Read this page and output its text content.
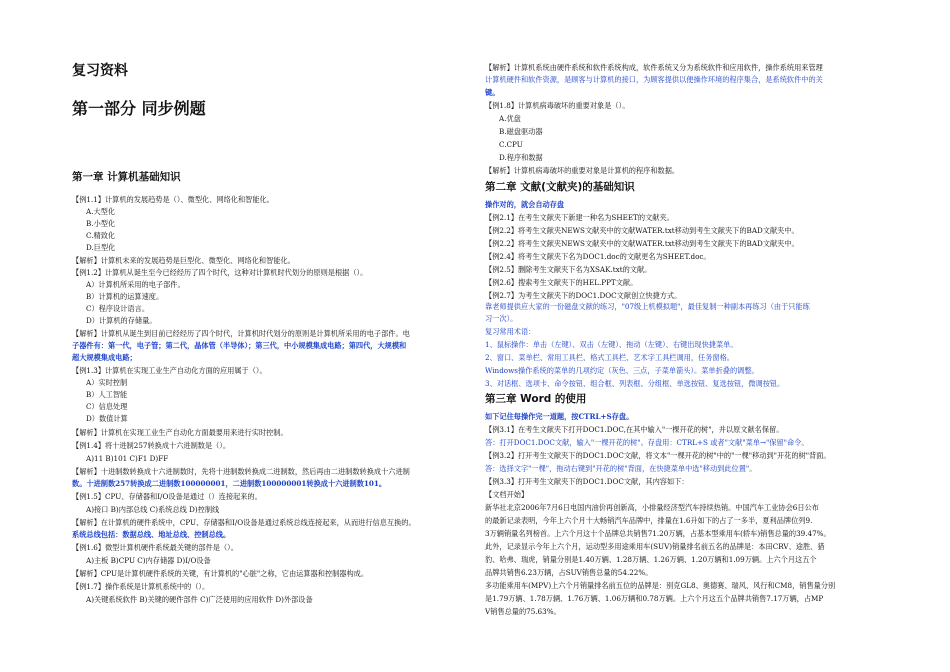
复习资料
第一部分 同步例题
第一章 计算机基础知识
【例1.1】计算机的发展趋势是（）、微型化、网络化和智能化。
A.大型化
B.小型化
C.精致化
D.巨型化
【解析】计算机未来的发展趋势是巨型化、微型化、网络化和智能化。
【例1.2】计算机从诞生至今已经经历了四个时代，这种对计算机时代划分的原则是根据（）。
A）计算机所采用的电子部件。
B）计算机的运算速度。
C）程序设计语言。
D）计算机的存储量。
【解析】计算机从诞生到目前已经经历了四个时代，计算机时代划分的原则是计算机所采用的电子部件。电
子器件有：第一代，电子管；第二代，晶体管（半导体）；第三代，中小规模集成电路；第四代，大规模和
超大规模集成电路；
【例1.3】计算机在实现工业生产自动化方面的应用属于（）。
A）实时控制
B）人工智能
C）信息处理
D）数值计算
【解析】计算机在实现工业生产自动化方面最要用来进行实时控制。
【例1.4】将十进制257转换成十六进制数是（）。
A)11 B)101 C)F1 D)FF
【解析】十进制数转换成十六进制数时，先将十进制数转换成二进制数，然后再由二进制数转换成十六进制
数。十进制数257转换成二进制数100000001，二进制数100000001转换成十六进制数101。
【例1.5】CPU、存储器和I/O设备是通过（）连接起来的。
A)接口 B)内部总线 C)系统总线 D)控制线
【解析】在计算机的硬件系统中，CPU、存储器和I/O设备是通过系统总线连接起来，从而进行信息互换的。
系统总线包括：数据总线、地址总线、控制总线。
【例1.6】微型计算机硬件系统最关键的部件是（）。
A)主板 B)CPU C)内存储器 D)I/O设备
【解析】CPU是计算机硬件系统的关键，有计算机的"心脏"之称，它由运算器和控制器构成。
【例1.7】操作系统是计算机系统中的（）。
A)关键系统软件 B)关键的硬件部件 C)广泛使用的应用软件 D)外部设备
【解析】计算机系统由硬件系统和软件系统构成，软件系统又分为系统软件和应用软件，操作系统用来管理
计算机硬件和软件资源，是顾客与计算机的接口，为顾客提供以便操作环境的程序集合，是系统软件中的关
键。
【例1.8】计算机病毒破坏的重要对象是（）。
A.优盘
B.磁盘驱动器
C.CPU
D.程序和数据
【解析】计算机病毒破坏的重要对象是计算机的程序和数据。
第二章 文献(文献夹)的基础知识
操作对的，就会自动存盘
【例2.1】在考生文献夹下新建一种名为SHEET的文献夹。
【例2.2】将考生文献夹NEWS文献夹中的文献WATER.txt移动到考生文献夹下的BAD文献夹中。
【例2.2】将考生文献夹NEWS文献夹中的文献WATER.txt移动到考生文献夹下的BAD文献夹中。
【例2.4】将考生文献夹下名为DOC1.doc的文献更名为SHEET.doc。
【例2.5】删除考生文献夹下名为XSAK.txt的文献。
【例2.6】搜索考生文献夹下的HEL.PPT文献。
【例2.7】为考生文献夹下的DOC1.DOC文献创立快捷方式。
靠老师提供应大家的一份磁盘文献的练习，"07级上机模拟题"，最佳复制一种副本再练习（由于只能练
习一次）。
复习常用术语：
1、鼠标操作：单击（左键）、双击（左键）、拖动（左键）、右键出现快捷菜单。
2、窗口、菜单栏、常用工具栏、格式工具栏、艺术字工具栏调用，任务窗格。
Windows操作系统的菜单的几项约定（灰色、三点，子菜单箭头）。菜单折叠的调整。
3、对话框、选项卡、命令按钮、组合框、列表框、分组框、单选按钮、复选按钮，微调按钮。
第三章 Word 的使用
如下记住每操作完一道题，按CTRL+S存盘。
【例3.1】在考生文献夹下打开DOC1.DOC,在其中输入"一棵开花的树"，并以原文献名保留。
答：打开DOC1.DOC文献，输入"一棵开花的树"。存盘用：CTRL+S 或者"文献"菜单→"保留"命令。
【例3.2】打开考生文献夹下的DOC1.DOC文献，将文本"一棵开花的树"中的"一棵"移动到"开花的树"背面。
答：选择文字"一棵"，拖动右键到"开花的树"背面，在快捷菜单中选"移动到此位置"。
【例3.3】打开考生文献夹下的DOC1.DOC文献，其内容如下：
【文档开始】
新华社北京2006年7月6日电国内油价再创新高，小排量经济型汽车持续热销。中国汽车工业协会6日公布
的最新记录表明，今年上六个月十大畅销汽车品牌中，排量在1.6升如下的占了一多半，夏利品牌位列9.
3万辆销量名列榜首。上六个月这十个品牌总共销售71.20万辆，占基本型乘用车(轿车)销售总量的39.47%。
此外，记录显示今年上六个月，运动型多用途乘用车(SUV)销量排名前五名的品牌是：本田CRV、途胜、猎
豹、哈弗、瑞虎，销量分别是1.40万辆、1.28万辆、1.26万辆、1.20万辆和1.09万辆。上六个月这五个
品牌共销售6.23万辆，占SUV销售总量的54.22%。
多功能乘用车(MPV)上六个月销量排名前五位的品牌是：别克GL8、奥德赛、瑞风、风行和CM8，销售量分别
是1.79万辆、1.78万辆、1.76万辆、1.06万辆和0.78万辆。上六个月这五个品牌共销售7.17万辆，占MP
V销售总量的75.63%。
